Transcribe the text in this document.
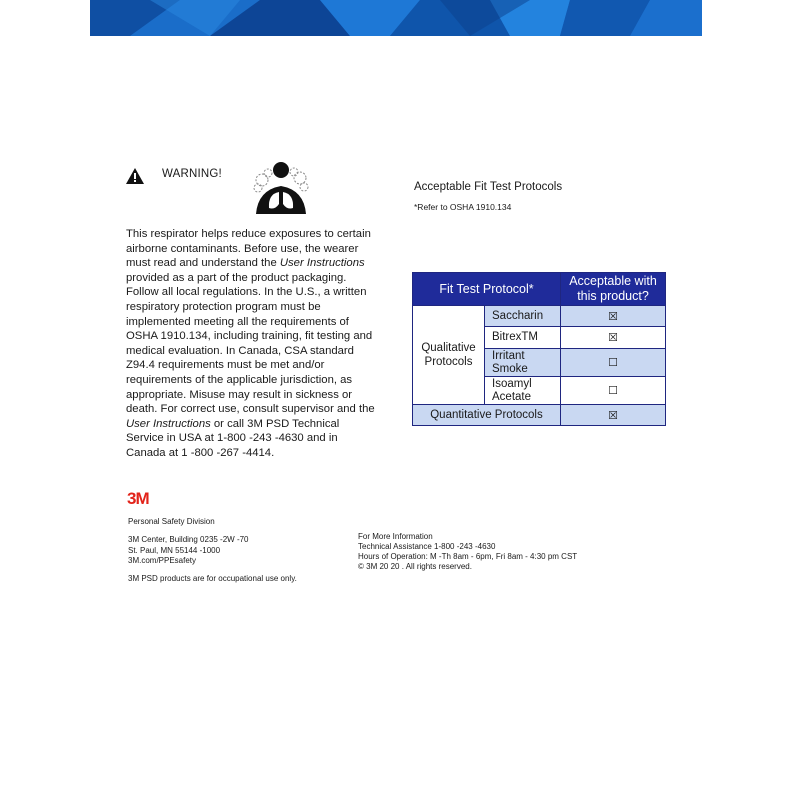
WARNING!
This respirator helps reduce exposures to certain airborne contaminants. Before use, the wearer must read and understand the User Instructions provided as a part of the product packaging. Follow all local regulations. In the U.S., a written respiratory protection program must be implemented meeting all the requirements of OSHA 1910.134, including training, fit testing and medical evaluation. In Canada, CSA standard Z94.4 requirements must be met and/or requirements of the applicable jurisdiction, as appropriate. Misuse may result in sickness or death. For correct use, consult supervisor and the User Instructions or call 3M PSD Technical Service in USA at 1-800 -243 -4630 and in Canada at 1 -800 -267 -4414.
Acceptable Fit Test Protocols
*Refer to OSHA 1910.134
Fit Test Protocol*		Acceptable with this product?
Qualitative Protocols	Saccharin	☒
	BitrexTM	☒
	Irritant Smoke	☐
	Isoamyl Acetate	☐
Quantitative Protocols		☒
3M
Personal Safety Division
3M Center, Building 0235 -2W -70
St. Paul, MN 55144 -1000
3M.com/PPEsafety
3M PSD products are for occupational use only.
For More Information
Technical Assistance 1-800 -243 -4630
Hours of Operation: M -Th 8am - 6pm, Fri 8am - 4:30 pm CST
© 3M 20 20 . All rights reserved.
